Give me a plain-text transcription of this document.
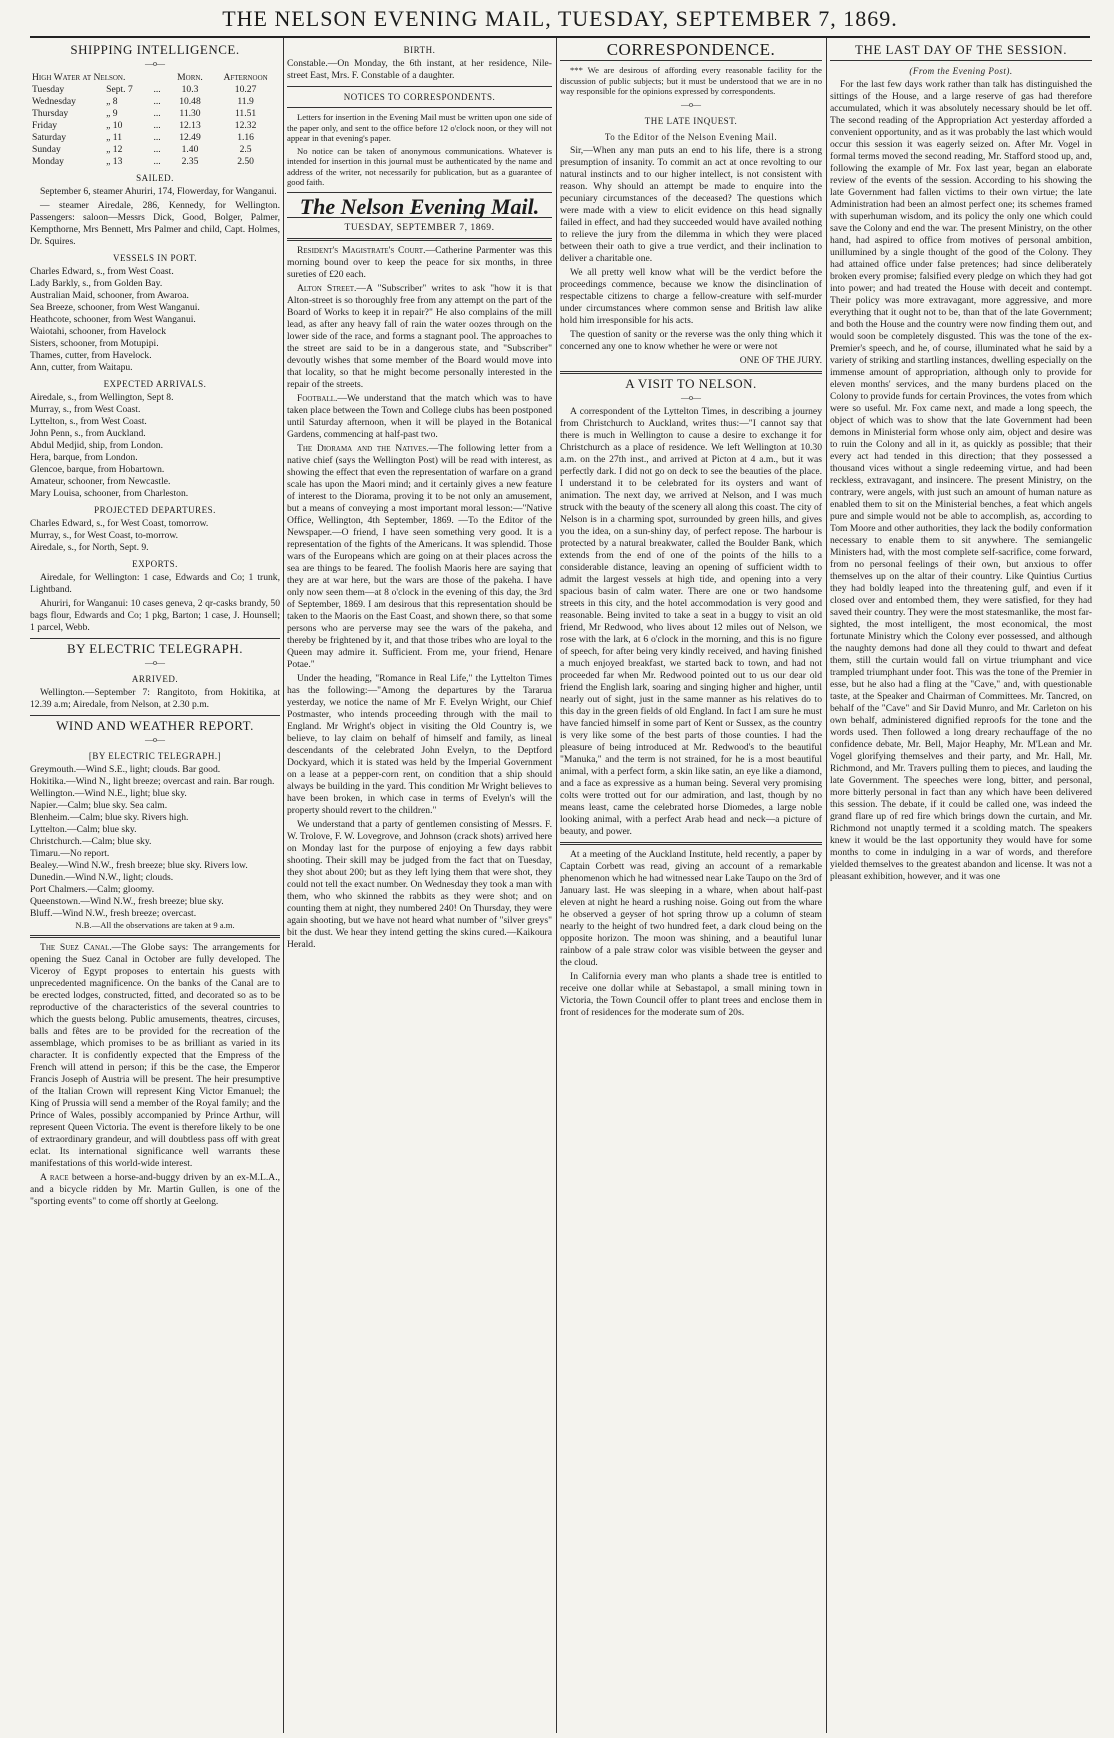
THE NELSON EVENING MAIL, TUESDAY, SEPTEMBER 7, 1869.
SHIPPING INTELLIGENCE.
—o—
High Water at Nelson.			Morn.	Afternoon
Tuesday	Sept. 7	...	10.3	10.27
Wednesday	„ 8	...	10.48	11.9
Thursday	„ 9	...	11.30	11.51
Friday	„ 10	...	12.13	12.32
Saturday	„ 11	...	12.49	1.16
Sunday	„ 12	...	1.40	2.5
Monday	„ 13	...	2.35	2.50
SAILED.

September 6, steamer Ahuriri, 174, Flowerday, for Wanganui.

— steamer Airedale, 286, Kennedy, for Wellington. Passengers: saloon—Messrs Dick, Good, Bolger, Palmer, Kempthorne, Mrs Bennett, Mrs Palmer and child, Capt. Holmes, Dr. Squires.

VESSELS IN PORT.
Charles Edward, s., from West Coast.
Lady Barkly, s., from Golden Bay.
Australian Maid, schooner, from Awaroa.
Sea Breeze, schooner, from West Wanganui.
Heathcote, schooner, from West Wanganui.
Waiotahi, schooner, from Havelock
Sisters, schooner, from Motupipi.
Thames, cutter, from Havelock.
Ann, cutter, from Waitapu.
EXPECTED ARRIVALS.
Airedale, s., from Wellington, Sept 8.
Murray, s., from West Coast.
Lyttelton, s., from West Coast.
John Penn, s., from Auckland.
Abdul Medjid, ship, from London.
Hera, barque, from London.
Glencoe, barque, from Hobartown.
Amateur, schooner, from Newcastle.
Mary Louisa, schooner, from Charleston.
PROJECTED DEPARTURES.
Charles Edward, s., for West Coast, tomorrow.
Murray, s., for West Coast, to-morrow.
Airedale, s., for North, Sept. 9.
EXPORTS.

Airedale, for Wellington: 1 case, Edwards and Co; 1 trunk, Lightband.

Ahuriri, for Wanganui: 10 cases geneva, 2 qr-casks brandy, 50 bags flour, Edwards and Co; 1 pkg, Barton; 1 case, J. Hounsell; 1 parcel, Webb.

BY ELECTRIC TELEGRAPH.
—o—
ARRIVED.

Wellington.—September 7: Rangitoto, from Hokitika, at 12.39 a.m; Airedale, from Nelson, at 2.30 p.m.

WIND AND WEATHER REPORT.
—o—
[BY ELECTRIC TELEGRAPH.]
Greymouth.—Wind S.E., light; clouds. Bar good.
Hokitika.—Wind N., light breeze; overcast and rain. Bar rough.
Wellington.—Wind N.E., light; blue sky.
Napier.—Calm; blue sky. Sea calm.
Blenheim.—Calm; blue sky. Rivers high.
Lyttelton.—Calm; blue sky.
Christchurch.—Calm; blue sky.
Timaru.—No report.
Bealey.—Wind N.W., fresh breeze; blue sky. Rivers low.
Dunedin.—Wind N.W., light; clouds.
Port Chalmers.—Calm; gloomy.
Queenstown.—Wind N.W., fresh breeze; blue sky.
Bluff.—Wind N.W., fresh breeze; overcast.
N.B.—All the observations are taken at 9 a.m.

The Suez Canal.—The Globe says: The arrangements for opening the Suez Canal in October are fully developed. The Viceroy of Egypt proposes to entertain his guests with unprecedented magnificence. On the banks of the Canal are to be erected lodges, constructed, fitted, and decorated so as to be reproductive of the characteristics of the several countries to which the guests belong. Public amusements, theatres, circuses, balls and fêtes are to be provided for the recreation of the assemblage, which promises to be as brilliant as varied in its character. It is confidently expected that the Empress of the French will attend in person; if this be the case, the Emperor Francis Joseph of Austria will be present. The heir presumptive of the Italian Crown will represent King Victor Emanuel; the King of Prussia will send a member of the Royal family; and the Prince of Wales, possibly accompanied by Prince Arthur, will represent Queen Victoria. The event is therefore likely to be one of extraordinary grandeur, and will doubtless pass off with great eclat. Its international significance well warrants these manifestations of this world-wide interest.

A race between a horse-and-buggy driven by an ex-M.L.A., and a bicycle ridden by Mr. Martin Gullen, is one of the "sporting events" to come off shortly at Geelong.

BIRTH.

Constable.—On Monday, the 6th instant, at her residence, Nile-street East, Mrs. F. Constable of a daughter.

NOTICES TO CORRESPONDENTS.

Letters for insertion in the Evening Mail must be written upon one side of the paper only, and sent to the office before 12 o'clock noon, or they will not appear in that evening's paper.

No notice can be taken of anonymous communications. Whatever is intended for insertion in this journal must be authenticated by the name and address of the writer, not necessarily for publication, but as a guarantee of good faith.

The Nelson Evening Mail.
TUESDAY, SEPTEMBER 7, 1869.

Resident's Magistrate's Court.—Catherine Parmenter was this morning bound over to keep the peace for six months, in three sureties of £20 each.

Alton Street.—A "Subscriber" writes to ask "how it is that Alton-street is so thoroughly free from any attempt on the part of the Board of Works to keep it in repair?" He also complains of the mill lead, as after any heavy fall of rain the water oozes through on the lower side of the race, and forms a stagnant pool. The approaches to the street are said to be in a dangerous state, and "Subscriber" devoutly wishes that some member of the Board would move into that locality, so that he might become personally interested in the repair of the streets.

Football.—We understand that the match which was to have taken place between the Town and College clubs has been postponed until Saturday afternoon, when it will be played in the Botanical Gardens, commencing at half-past two.

The Diorama and the Natives.—The following letter from a native chief (says the Wellington Post) will be read with interest, as showing the effect that even the representation of warfare on a grand scale has upon the Maori mind; and it certainly gives a new feature of interest to the Diorama, proving it to be not only an amusement, but a means of conveying a most important moral lesson:—"Native Office, Wellington, 4th September, 1869. —To the Editor of the Newspaper.—O friend, I have seen something very good. It is a representation of the fights of the Americans. It was splendid. Those wars of the Europeans which are going on at their places across the sea are things to be feared. The foolish Maoris here are saying that they are at war here, but the wars are those of the pakeha. I have only now seen them—at 8 o'clock in the evening of this day, the 3rd of September, 1869. I am desirous that this representation should be taken to the Maoris on the East Coast, and shown there, so that some persons who are perverse may see the wars of the pakeha, and thereby be frightened by it, and that those tribes who are loyal to the Queen may admire it. Sufficient. From me, your friend, Henare Potae."

Under the heading, "Romance in Real Life," the Lyttelton Times has the following:—"Among the departures by the Tararua yesterday, we notice the name of Mr F. Evelyn Wright, our Chief Postmaster, who intends proceeding through with the mail to England. Mr Wright's object in visiting the Old Country is, we believe, to lay claim on behalf of himself and family, as lineal descendants of the celebrated John Evelyn, to the Deptford Dockyard, which it is stated was held by the Imperial Government on a lease at a pepper-corn rent, on condition that a ship should always be building in the yard. This condition Mr Wright believes to have been broken, in which case in terms of Evelyn's will the property should revert to the children."

We understand that a party of gentlemen consisting of Messrs. F. W. Trolove, F. W. Lovegrove, and Johnson (crack shots) arrived here on Monday last for the purpose of enjoying a few days rabbit shooting. Their skill may be judged from the fact that on Tuesday, they shot about 200; but as they left lying them that were shot, they could not tell the exact number. On Wednesday they took a man with them, who who skinned the rabbits as they were shot; and on counting them at night, they numbered 240! On Thursday, they were again shooting, but we have not heard what number of "silver greys" bit the dust. We hear they intend getting the skins cured.—Kaikoura Herald.

CORRESPONDENCE.

*** We are desirous of affording every reasonable facility for the discussion of public subjects; but it must be understood that we are in no way responsible for the opinions expressed by correspondents.

—o—
THE LATE INQUEST.
To the Editor of the Nelson Evening Mail.

Sir,—When any man puts an end to his life, there is a strong presumption of insanity. To commit an act at once revolting to our natural instincts and to our higher intellect, is not consistent with reason. Why should an attempt be made to enquire into the pecuniary circumstances of the deceased? The questions which were made with a view to elicit evidence on this head signally failed in effect, and had they succeeded would have availed nothing to relieve the jury from the dilemma in which they were placed between their oath to give a true verdict, and their inclination to deliver a charitable one.

We all pretty well know what will be the verdict before the proceedings commence, because we know the disinclination of respectable citizens to charge a fellow-creature with self-murder under circumstances where common sense and British law alike hold him irresponsible for his acts.

The question of sanity or the reverse was the only thing which it concerned any one to know whether he were or were not

ONE OF THE JURY.
A VISIT TO NELSON.
—o—

A correspondent of the Lyttelton Times, in describing a journey from Christchurch to Auckland, writes thus:—"I cannot say that there is much in Wellington to cause a desire to exchange it for Christchurch as a place of residence. We left Wellington at 10.30 a.m. on the 27th inst., and arrived at Picton at 4 a.m., but it was perfectly dark. I did not go on deck to see the beauties of the place. I understand it to be celebrated for its oysters and want of animation. The next day, we arrived at Nelson, and I was much struck with the beauty of the scenery all along this coast. The city of Nelson is in a charming spot, surrounded by green hills, and gives you the idea, on a sun-shiny day, of perfect repose. The harbour is protected by a natural breakwater, called the Boulder Bank, which extends from the end of one of the points of the hills to a considerable distance, leaving an opening of sufficient width to admit the largest vessels at high tide, and opening into a very spacious basin of calm water. There are one or two handsome streets in this city, and the hotel accommodation is very good and reasonable. Being invited to take a seat in a buggy to visit an old friend, Mr Redwood, who lives about 12 miles out of Nelson, we rose with the lark, at 6 o'clock in the morning, and this is no figure of speech, for after being very kindly received, and having finished a much enjoyed breakfast, we started back to town, and had not proceeded far when Mr. Redwood pointed out to us our dear old friend the English lark, soaring and singing higher and higher, until nearly out of sight, just in the same manner as his relatives do to this day in the green fields of old England. In fact I am sure he must have fancied himself in some part of Kent or Sussex, as the country is very like some of the best parts of those counties. I had the pleasure of being introduced at Mr. Redwood's to the beautiful "Manuka," and the term is not strained, for he is a most beautiful animal, with a perfect form, a skin like satin, an eye like a diamond, and a face as expressive as a human being. Several very promising colts were trotted out for our admiration, and last, though by no means least, came the celebrated horse Diomedes, a large noble looking animal, with a perfect Arab head and neck—a picture of beauty, and power.

At a meeting of the Auckland Institute, held recently, a paper by Captain Corbett was read, giving an account of a remarkable phenomenon which he had witnessed near Lake Taupo on the 3rd of January last. He was sleeping in a whare, when about half-past eleven at night he heard a rushing noise. Going out from the whare he observed a geyser of hot spring throw up a column of steam nearly to the height of two hundred feet, a dark cloud being on the opposite horizon. The moon was shining, and a beautiful lunar rainbow of a pale straw color was visible between the geyser and the cloud.

In California every man who plants a shade tree is entitled to receive one dollar while at Sebastapol, a small mining town in Victoria, the Town Council offer to plant trees and enclose them in front of residences for the moderate sum of 20s.

THE LAST DAY OF THE SESSION.
(From the Evening Post).

For the last few days work rather than talk has distinguished the sittings of the House, and a large reserve of gas had therefore accumulated, which it was absolutely necessary should be let off. The second reading of the Appropriation Act yesterday afforded a convenient opportunity, and as it was probably the last which would occur this session it was eagerly seized on. After Mr. Vogel in formal terms moved the second reading, Mr. Stafford stood up, and, following the example of Mr. Fox last year, began an elaborate review of the events of the session. According to his showing the late Government had fallen victims to their own virtue; the late Administration had been an almost perfect one; its schemes framed with superhuman wisdom, and its policy the only one which could save the Colony and end the war. The present Ministry, on the other hand, had aspired to office from motives of personal ambition, unillumined by a single thought of the good of the Colony. They had attained office under false pretences; had since deliberately broken every promise; falsified every pledge on which they had got into power; and had treated the House with deceit and contempt. Their policy was more extravagant, more aggressive, and more everything that it ought not to be, than that of the late Government; and both the House and the country were now finding them out, and would soon be completely disgusted. This was the tone of the ex-Premier's speech, and he, of course, illuminated what he said by a variety of striking and startling instances, dwelling especially on the immense amount of appropriation, although only to provide for eleven months' services, and the many burdens placed on the Colony to provide funds for certain Provinces, the votes from which were so useful. Mr. Fox came next, and made a long speech, the object of which was to show that the late Government had been demons in Ministerial form whose only aim, object and desire was to ruin the Colony and all in it, as quickly as possible; that their every act had tended in this direction; that they possessed a thousand vices without a single redeeming virtue, and had been reckless, extravagant, and insincere. The present Ministry, on the contrary, were angels, with just such an amount of human nature as enabled them to sit on the Ministerial benches, a feat which angels pure and simple would not be able to accomplish, as, according to Tom Moore and other authorities, they lack the bodily conformation necessary to enable them to sit anywhere. The semiangelic Ministers had, with the most complete self-sacrifice, come forward, from no personal feelings of their own, but anxious to offer themselves up on the altar of their country. Like Quintius Curtius they had boldly leaped into the threatening gulf, and even if it closed over and entombed them, they were satisfied, for they had saved their country. They were the most statesmanlike, the most far-sighted, the most intelligent, the most economical, the most fortunate Ministry which the Colony ever possessed, and although the naughty demons had done all they could to thwart and defeat them, still the curtain would fall on virtue triumphant and vice trampled triumphant under foot. This was the tone of the Premier in esse, but he also had a fling at the "Cave," and, with questionable taste, at the Speaker and Chairman of Committees. Mr. Tancred, on behalf of the "Cave" and Sir David Munro, and Mr. Carleton on his own behalf, administered dignified reproofs for the tone and the words used. Then followed a long dreary rechauffage of the no confidence debate, Mr. Bell, Major Heaphy, Mr. M'Lean and Mr. Vogel glorifying themselves and their party, and Mr. Hall, Mr. Richmond, and Mr. Travers pulling them to pieces, and lauding the late Government. The speeches were long, bitter, and personal, more bitterly personal in fact than any which have been delivered this session. The debate, if it could be called one, was indeed the grand flare up of red fire which brings down the curtain, and Mr. Richmond not unaptly termed it a scolding match. The speakers knew it would be the last opportunity they would have for some months to come in indulging in a war of words, and therefore yielded themselves to the greatest abandon and license. It was not a pleasant exhibition, however, and it was one
